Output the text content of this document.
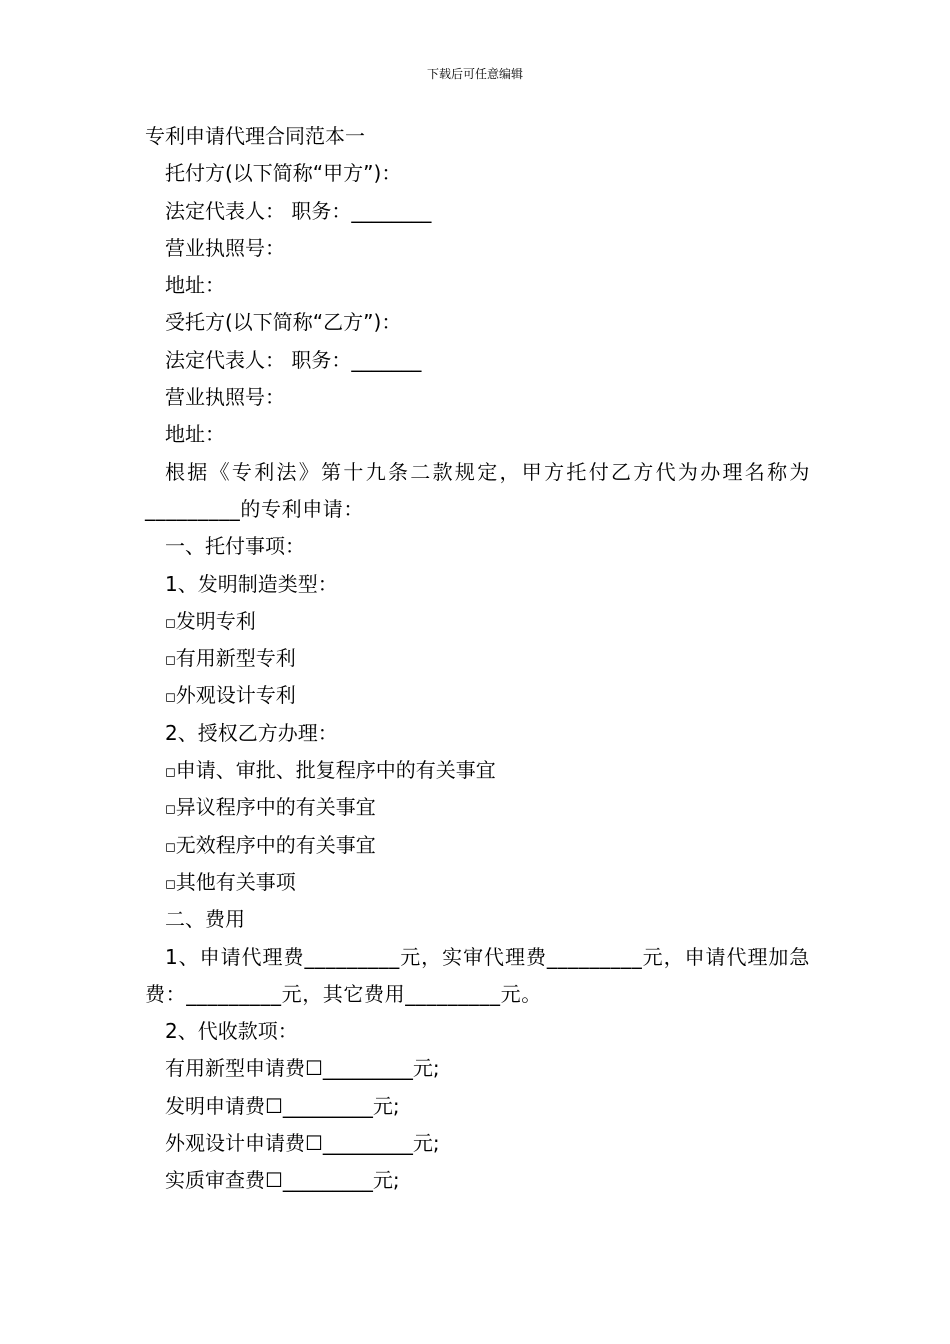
下载后可任意编辑
专利申请代理合同范本一
托付方(以下简称“甲方”)：
法定代表人： 职务：________
营业执照号：
地址：
受托方(以下简称“乙方”)：
法定代表人： 职务：_______
营业执照号：
地址：
根据《专利法》第十九条二款规定，甲方托付乙方代为办理名称为_________的专利申请：
一、托付事项：
1、发明制造类型：
◻发明专利
◻有用新型专利
◻外观设计专利
2、授权乙方办理：
◻申请、审批、批复程序中的有关事宜
◻异议程序中的有关事宜
◻无效程序中的有关事宜
◻其他有关事项
二、费用
1、申请代理费_________元，实审代理费_________元，申请代理加急费：_________元，其它费用_________元。
2、代收款项：
有用新型申请费☐_________元;
发明申请费☐_________元;
外观设计申请费☐_________元;
实质审查费☐_________元;
